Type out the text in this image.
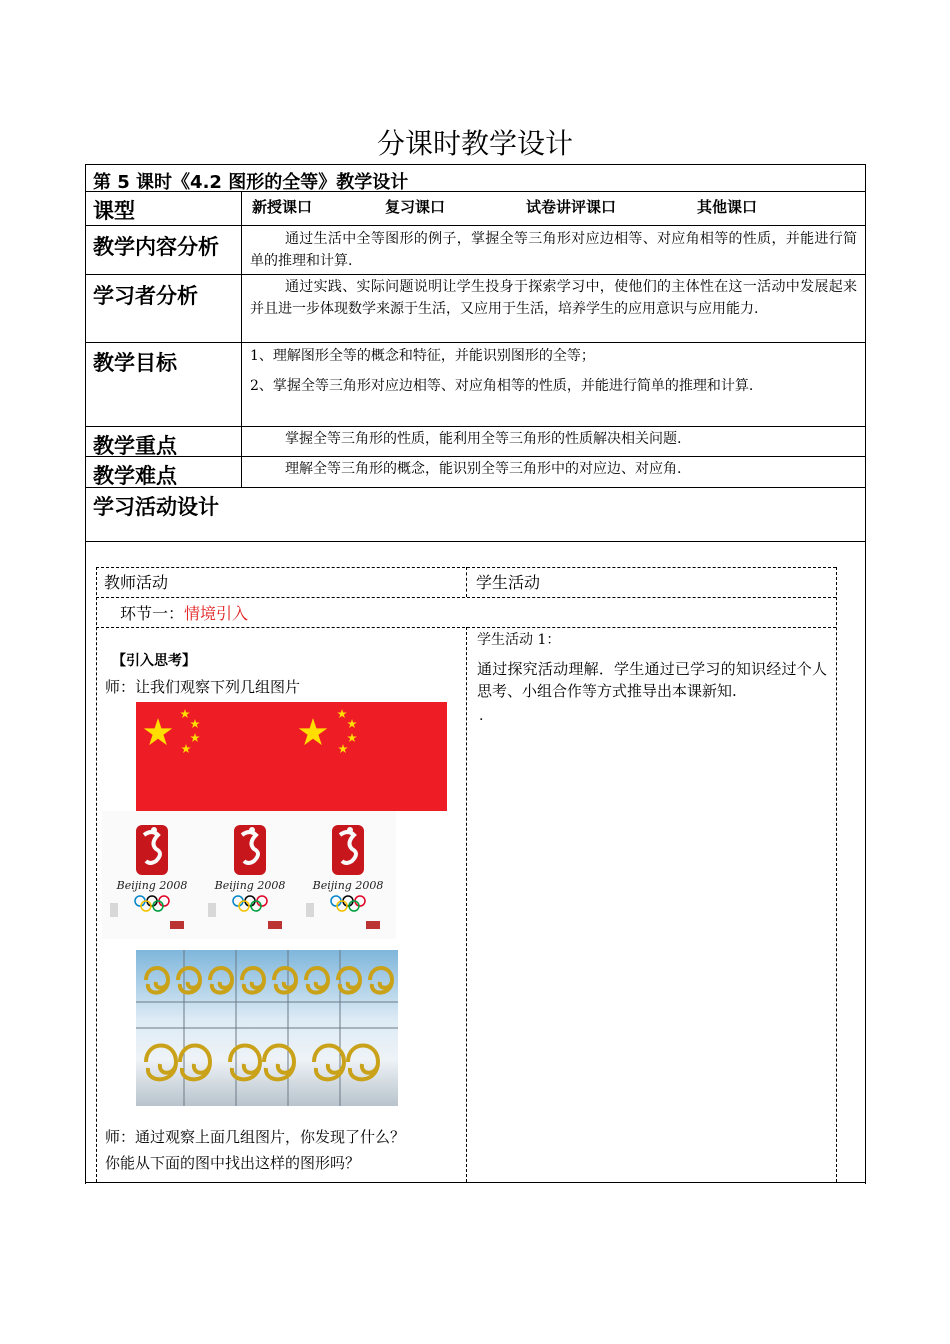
分课时教学设计
第 5 课时《4.2 图形的全等》教学设计
课型	新授课口	复习课口	试卷讲评课口	其他课口
教学内容分析	通过生活中全等图形的例子，掌握全等三角形对应边相等、对应角相等的性质，并能进行简单的推理和计算.
学习者分析	通过实践、实际问题说明让学生投身于探索学习中，使他们的主体性在这一活动中发展起来并且进一步体现数学来源于生活，又应用于生活，培养学生的应用意识与应用能力.
教学目标	1、理解图形全等的概念和特征，并能识别图形的全等；
2、掌握全等三角形对应边相等、对应角相等的性质，并能进行简单的推理和计算.
教学重点	掌握全等三角形的性质，能利用全等三角形的性质解决相关问题.
教学难点	理解全等三角形的概念，能识别全等三角形中的对应边、对应角.
学习活动设计
教师活动	学生活动
环节一：情境引入
【引入思考】
师：让我们观察下列几组图片
Beijing 2008 Beijing 2008 Beijing 2008
师：通过观察上面几组图片，你发现了什么？
你能从下面的图中找出这样的图形吗？
学生活动 1：
通过探究活动理解．学生通过已学习的知识经过个人思考、小组合作等方式推导出本课新知.
.
